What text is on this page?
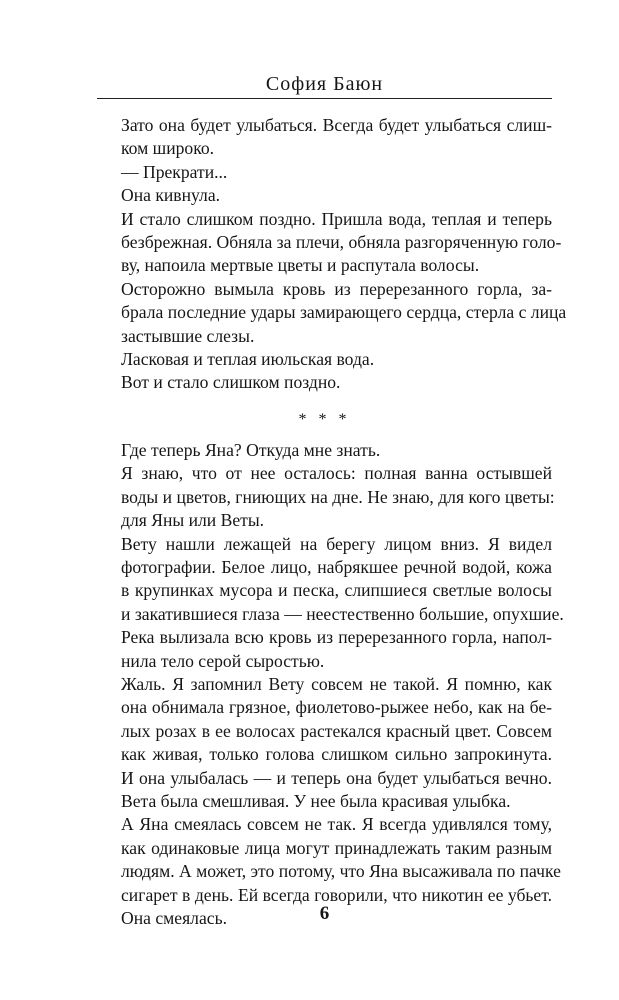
София Баюн

Зато она будет улыбаться. Всегда будет улыбаться слиш-
ком широко.

— Прекрати...

Она кивнула.

И стало слишком поздно. Пришла вода, теплая и теперь
безбрежная. Обняла за плечи, обняла разгоряченную голо-
ву, напоила мертвые цветы и распутала волосы.

Осторожно вымыла кровь из перерезанного горла, за-
брала последние удары замирающего сердца, стерла с лица
застывшие слезы.

Ласковая и теплая июльская вода.

Вот и стало слишком поздно.

* * *

Где теперь Яна? Откуда мне знать.

Я знаю, что от нее осталось: полная ванна остывшей
воды и цветов, гниющих на дне. Не знаю, для кого цветы:
для Яны или Веты.

Вету нашли лежащей на берегу лицом вниз. Я видел
фотографии. Белое лицо, набрякшее речной водой, кожа
в крупинках мусора и песка, слипшиеся светлые волосы
и закатившиеся глаза — неестественно большие, опухшие.
Река вылизала всю кровь из перерезанного горла, напол-
нила тело серой сыростью.

Жаль. Я запомнил Вету совсем не такой. Я помню, как
она обнимала грязное, фиолетово-рыжее небо, как на бе-
лых розах в ее волосах растекался красный цвет. Совсем
как живая, только голова слишком сильно запрокинута.
И она улыбалась — и теперь она будет улыбаться вечно.
Вета была смешливая. У нее была красивая улыбка.

А Яна смеялась совсем не так. Я всегда удивлялся тому,
как одинаковые лица могут принадлежать таким разным
людям. А может, это потому, что Яна высаживала по пачке
сигарет в день. Ей всегда говорили, что никотин ее убьет.
Она смеялась.	6
